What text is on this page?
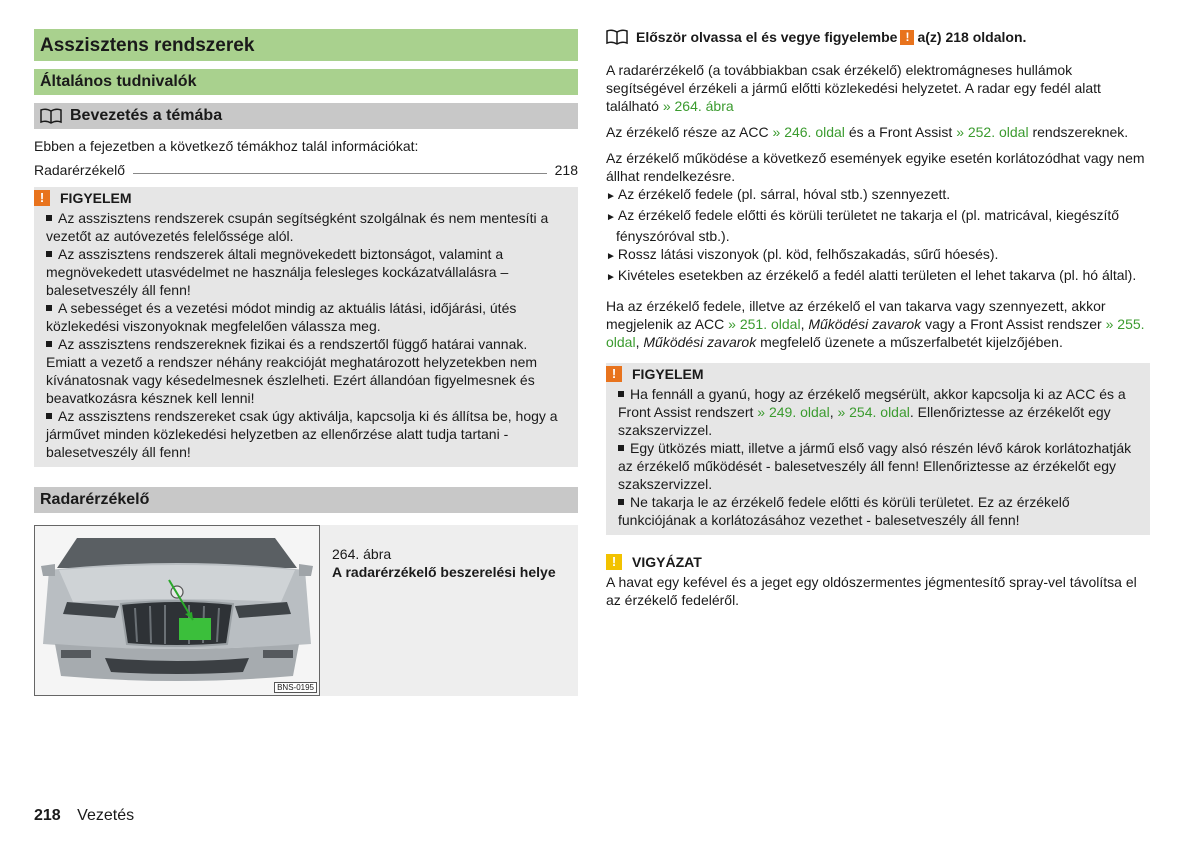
Asszisztens rendszerek
Általános tudnivalók
Bevezetés a témába
Ebben a fejezetben a következő témákhoz talál információkat:
Radarérzékelő	218
!	FIGYELEM
Az asszisztens rendszerek csupán segítségként szolgálnak és nem mentesíti a vezetőt az autóvezetés felelőssége alól.
Az asszisztens rendszerek általi megnövekedett biztonságot, valamint a megnövekedett utasvédelmet ne használja felesleges kockázatvállalásra – balesetveszély áll fenn!
A sebességet és a vezetési módot mindig az aktuális látási, időjárási, útés közlekedési viszonyoknak megfelelően válassza meg.
Az asszisztens rendszereknek fizikai és a rendszertől függő határai vannak. Emiatt a vezető a rendszer néhány reakcióját meghatározott helyzetekben nem kívánatosnak vagy késedelmesnek észlelheti. Ezért állandóan figyelmesnek és beavatkozásra késznek kell lenni!
Az asszisztens rendszereket csak úgy aktiválja, kapcsolja ki és állítsa be, hogy a járművet minden közlekedési helyzetben az ellenőrzése alatt tudja tartani - balesetveszély áll fenn!
Radarérzékelő
BNS-0195
264. ábra
A radarérzékelő beszerelési helye
Először olvassa el és vegye figyelembe ! a(z) 218 oldalon.
A radarérzékelő (a továbbiakban csak érzékelő) elektromágneses hullámok segítségével érzékeli a jármű előtti közlekedési helyzetet. A radar egy fedél alatt található » 264. ábra
Az érzékelő része az ACC » 246. oldal és a Front Assist » 252. oldal rendszereknek.
Az érzékelő működése a következő események egyike esetén korlátozódhat vagy nem állhat rendelkezésre.
► Az érzékelő fedele (pl. sárral, hóval stb.) szennyezett.
► Az érzékelő fedele előtti és körüli területet ne takarja el (pl. matricával, kiegészítő fényszóróval stb.).
► Rossz látási viszonyok (pl. köd, felhőszakadás, sűrű hóesés).
► Kivételes esetekben az érzékelő a fedél alatti területen el lehet takarva (pl. hó által).
Ha az érzékelő fedele, illetve az érzékelő el van takarva vagy szennyezett, akkor megjelenik az ACC » 251. oldal, Működési zavarok vagy a Front Assist rendszer » 255. oldal, Működési zavarok megfelelő üzenete a műszerfalbetét kijelzőjében.
!	FIGYELEM
Ha fennáll a gyanú, hogy az érzékelő megsérült, akkor kapcsolja ki az ACC és a Front Assist rendszert » 249. oldal, » 254. oldal. Ellenőriztesse az érzékelőt egy szakszervizzel.
Egy ütközés miatt, illetve a jármű első vagy alsó részén lévő károk korlátozhatják az érzékelő működését - balesetveszély áll fenn! Ellenőriztesse az érzékelőt egy szakszervizzel.
Ne takarja le az érzékelő fedele előtti és körüli területet. Ez az érzékelő funkciójának a korlátozásához vezethet - balesetveszély áll fenn!
!	VIGYÁZAT
A havat egy kefével és a jeget egy oldószermentes jégmentesítő spray-vel távolítsa el az érzékelő fedeléről.
218 Vezetés
